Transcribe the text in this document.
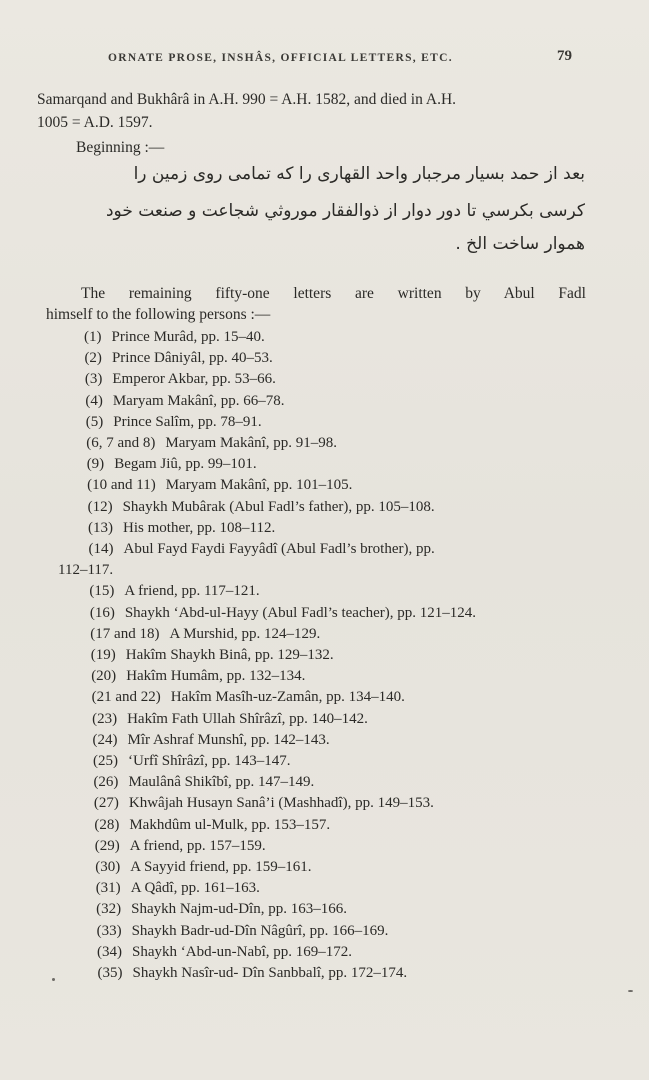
ORNATE PROSE, INSHÂS, OFFICIAL LETTERS, ETC.	79
Samarqand and Bukhârâ in A.H. 990 = A.H. 1582, and died in A.H.
1005 = A.D. 1597.
Beginning :—
بعد از حمد بسیار مرجبار واحد القهاری را که تمامی روی زمین را
کرسی بکرسي تا دور دوار از ذوالفقار موروثي شجاعت و صنعت خود
هموار ساخت الخ .
The remaining fifty-one letters are written by Abul Fadl
himself to the following persons :—
(1) Prince Murâd, pp. 15–40.
(2) Prince Dâniyâl, pp. 40–53.
(3) Emperor Akbar, pp. 53–66.
(4) Maryam Makânî, pp. 66–78.
(5) Prince Salîm, pp. 78–91.
(6, 7 and 8) Maryam Makânî, pp. 91–98.
(9) Begam Jiû, pp. 99–101.
(10 and 11) Maryam Makânî, pp. 101–105.
(12) Shaykh Mubârak (Abul Fadl’s father), pp. 105–108.
(13) His mother, pp. 108–112.
(14) Abul Fayd Faydi Fayyâdî (Abul Fadl’s brother), pp.
112–117.
(15) A friend, pp. 117–121.
(16) Shaykh ‘Abd-ul-Hayy (Abul Fadl’s teacher), pp. 121–124.
(17 and 18) A Murshid, pp. 124–129.
(19) Hakîm Shaykh Binâ, pp. 129–132.
(20) Hakîm Humâm, pp. 132–134.
(21 and 22) Hakîm Masîh-uz-Zamân, pp. 134–140.
(23) Hakîm Fath Ullah Shîrâzî, pp. 140–142.
(24) Mîr Ashraf Munshî, pp. 142–143.
(25) ‘Urfî Shîrâzî, pp. 143–147.
(26) Maulânâ Shikîbî, pp. 147–149.
(27) Khwâjah Husayn Sanâ’i (Mashhadî), pp. 149–153.
(28) Makhdûm ul-Mulk, pp. 153–157.
(29) A friend, pp. 157–159.
(30) A Sayyid friend, pp. 159–161.
(31) A Qâdî, pp. 161–163.
(32) Shaykh Najm-ud-Dîn, pp. 163–166.
(33) Shaykh Badr-ud-Dîn Nâgûrî, pp. 166–169.
(34) Shaykh ‘Abd-un-Nabî, pp. 169–172.
(35) Shaykh Nasîr-ud- Dîn Sanbbalî, pp. 172–174.
